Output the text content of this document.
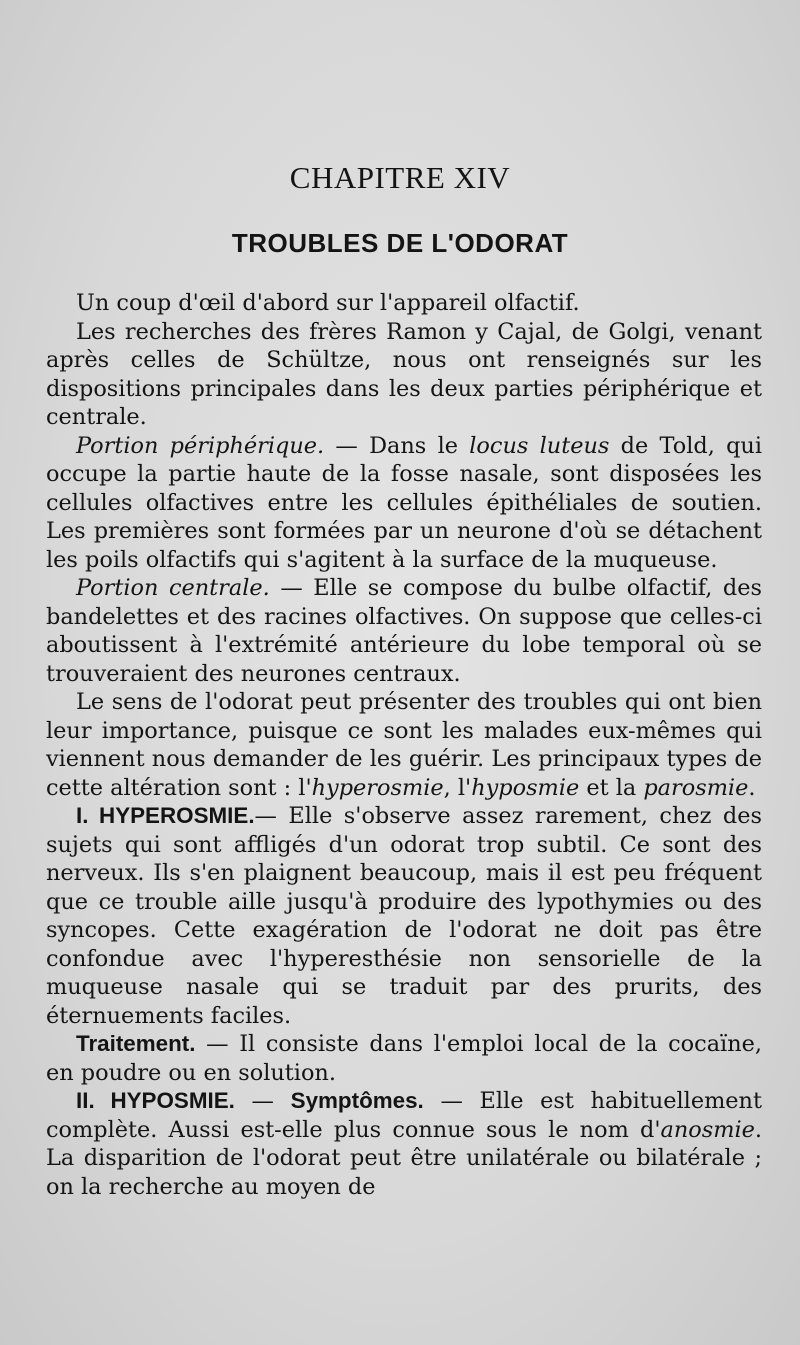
CHAPITRE XIV
TROUBLES DE L'ODORAT

Un coup d'œil d'abord sur l'appareil olfactif.

Les recherches des frères Ramon y Cajal, de Golgi, venant après celles de Schültze, nous ont renseignés sur les dispositions principales dans les deux parties périphérique et centrale.

Portion périphérique. — Dans le locus luteus de Told, qui occupe la partie haute de la fosse nasale, sont disposées les cellules olfactives entre les cellules épithéliales de soutien. Les premières sont formées par un neurone d'où se détachent les poils olfactifs qui s'agitent à la surface de la muqueuse.

Portion centrale. — Elle se compose du bulbe olfactif, des bandelettes et des racines olfactives. On suppose que celles-ci aboutissent à l'extrémité antérieure du lobe temporal où se trouveraient des neurones centraux.

Le sens de l'odorat peut présenter des troubles qui ont bien leur importance, puisque ce sont les malades eux-mêmes qui viennent nous demander de les guérir. Les principaux types de cette altération sont : l'hyperosmie, l'hyposmie et la parosmie.

I. HYPEROSMIE.— Elle s'observe assez rarement, chez des sujets qui sont affligés d'un odorat trop subtil. Ce sont des nerveux. Ils s'en plaignent beaucoup, mais il est peu fréquent que ce trouble aille jusqu'à produire des lypothymies ou des syncopes. Cette exagération de l'odorat ne doit pas être confondue avec l'hyperesthésie non sensorielle de la muqueuse nasale qui se traduit par des prurits, des éternuements faciles.

Traitement. — Il consiste dans l'emploi local de la cocaïne, en poudre ou en solution.

II. HYPOSMIE. — Symptômes. — Elle est habituellement complète. Aussi est-elle plus connue sous le nom d'anosmie. La disparition de l'odorat peut être unilatérale ou bilatérale ; on la recherche au moyen de
